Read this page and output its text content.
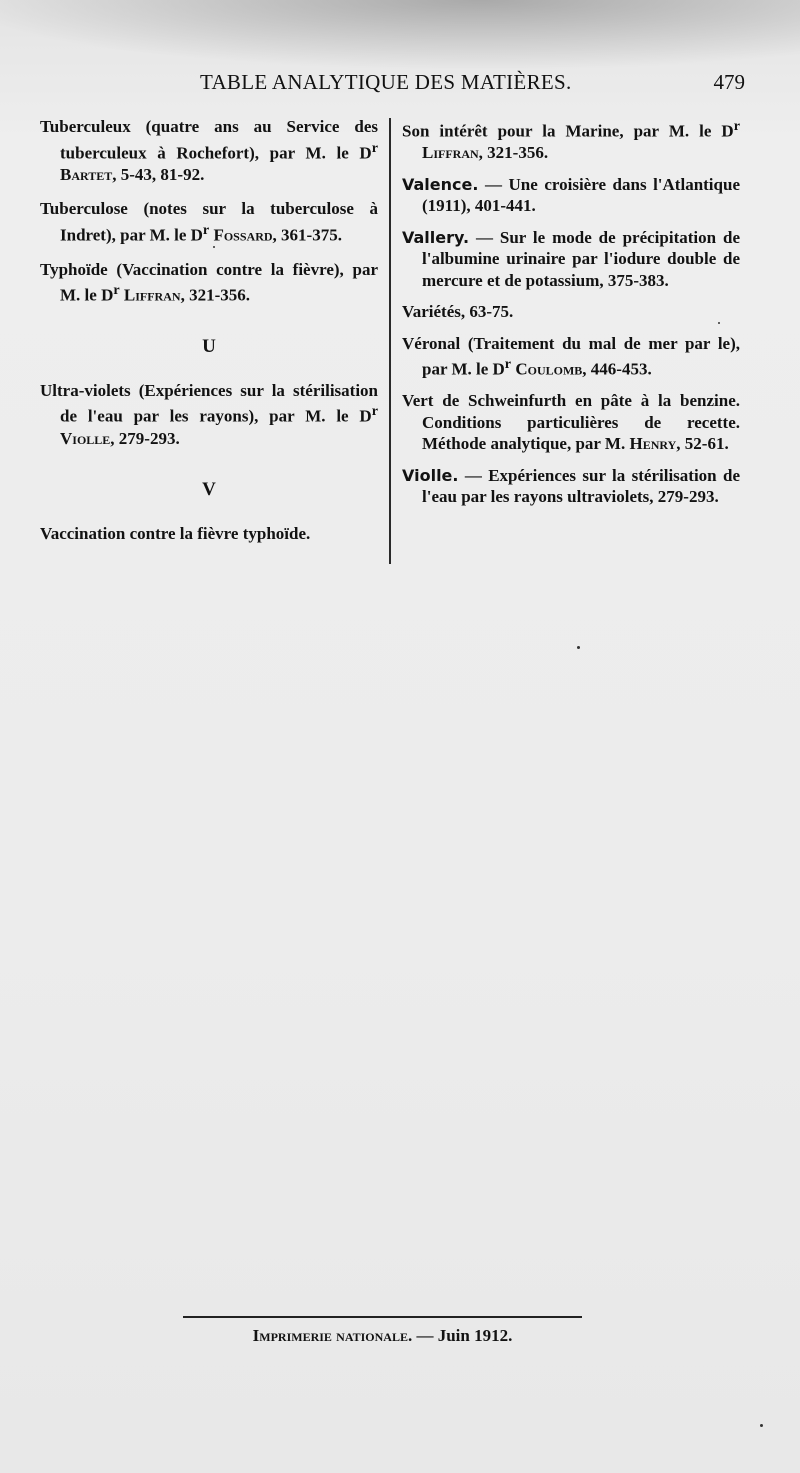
TABLE ANALYTIQUE DES MATIÈRES.	479

Tuberculeux (quatre ans au Service des tuberculeux à Rochefort), par M. le $D^r$ Bartet, 5-43, 81-92.

Tuberculose (notes sur la tuberculose à Indret), par M. le $D^r$ Fossard, 361-375.

Typhoïde (Vaccination contre la fièvre), par M. le $D^r$ Liffran, 321-356.

U

Ultra-violets (Expériences sur la stérilisation de l'eau par les rayons), par M. le $D^r$ Violle, 279-293.

V

Vaccination contre la fièvre typhoïde.

Son intérêt pour la Marine, par M. le $D^r$ Liffran, 321-356.

Valence. — Une croisière dans l'Atlantique (1911), 401-441.

Vallery. — Sur le mode de précipitation de l'albumine urinaire par l'iodure double de mercure et de potassium, 375-383.

Variétés, 63-75.

Véronal (Traitement du mal de mer par le), par M. le $D^r$ Coulomb, 446-453.

Vert de Schweinfurth en pâte à la benzine. Conditions particulières de recette. Méthode analytique, par M. Henry, 52-61.

Violle. — Expériences sur la stérilisation de l'eau par les rayons ultraviolets, 279-293.

Imprimerie nationale. — Juin 1912.
